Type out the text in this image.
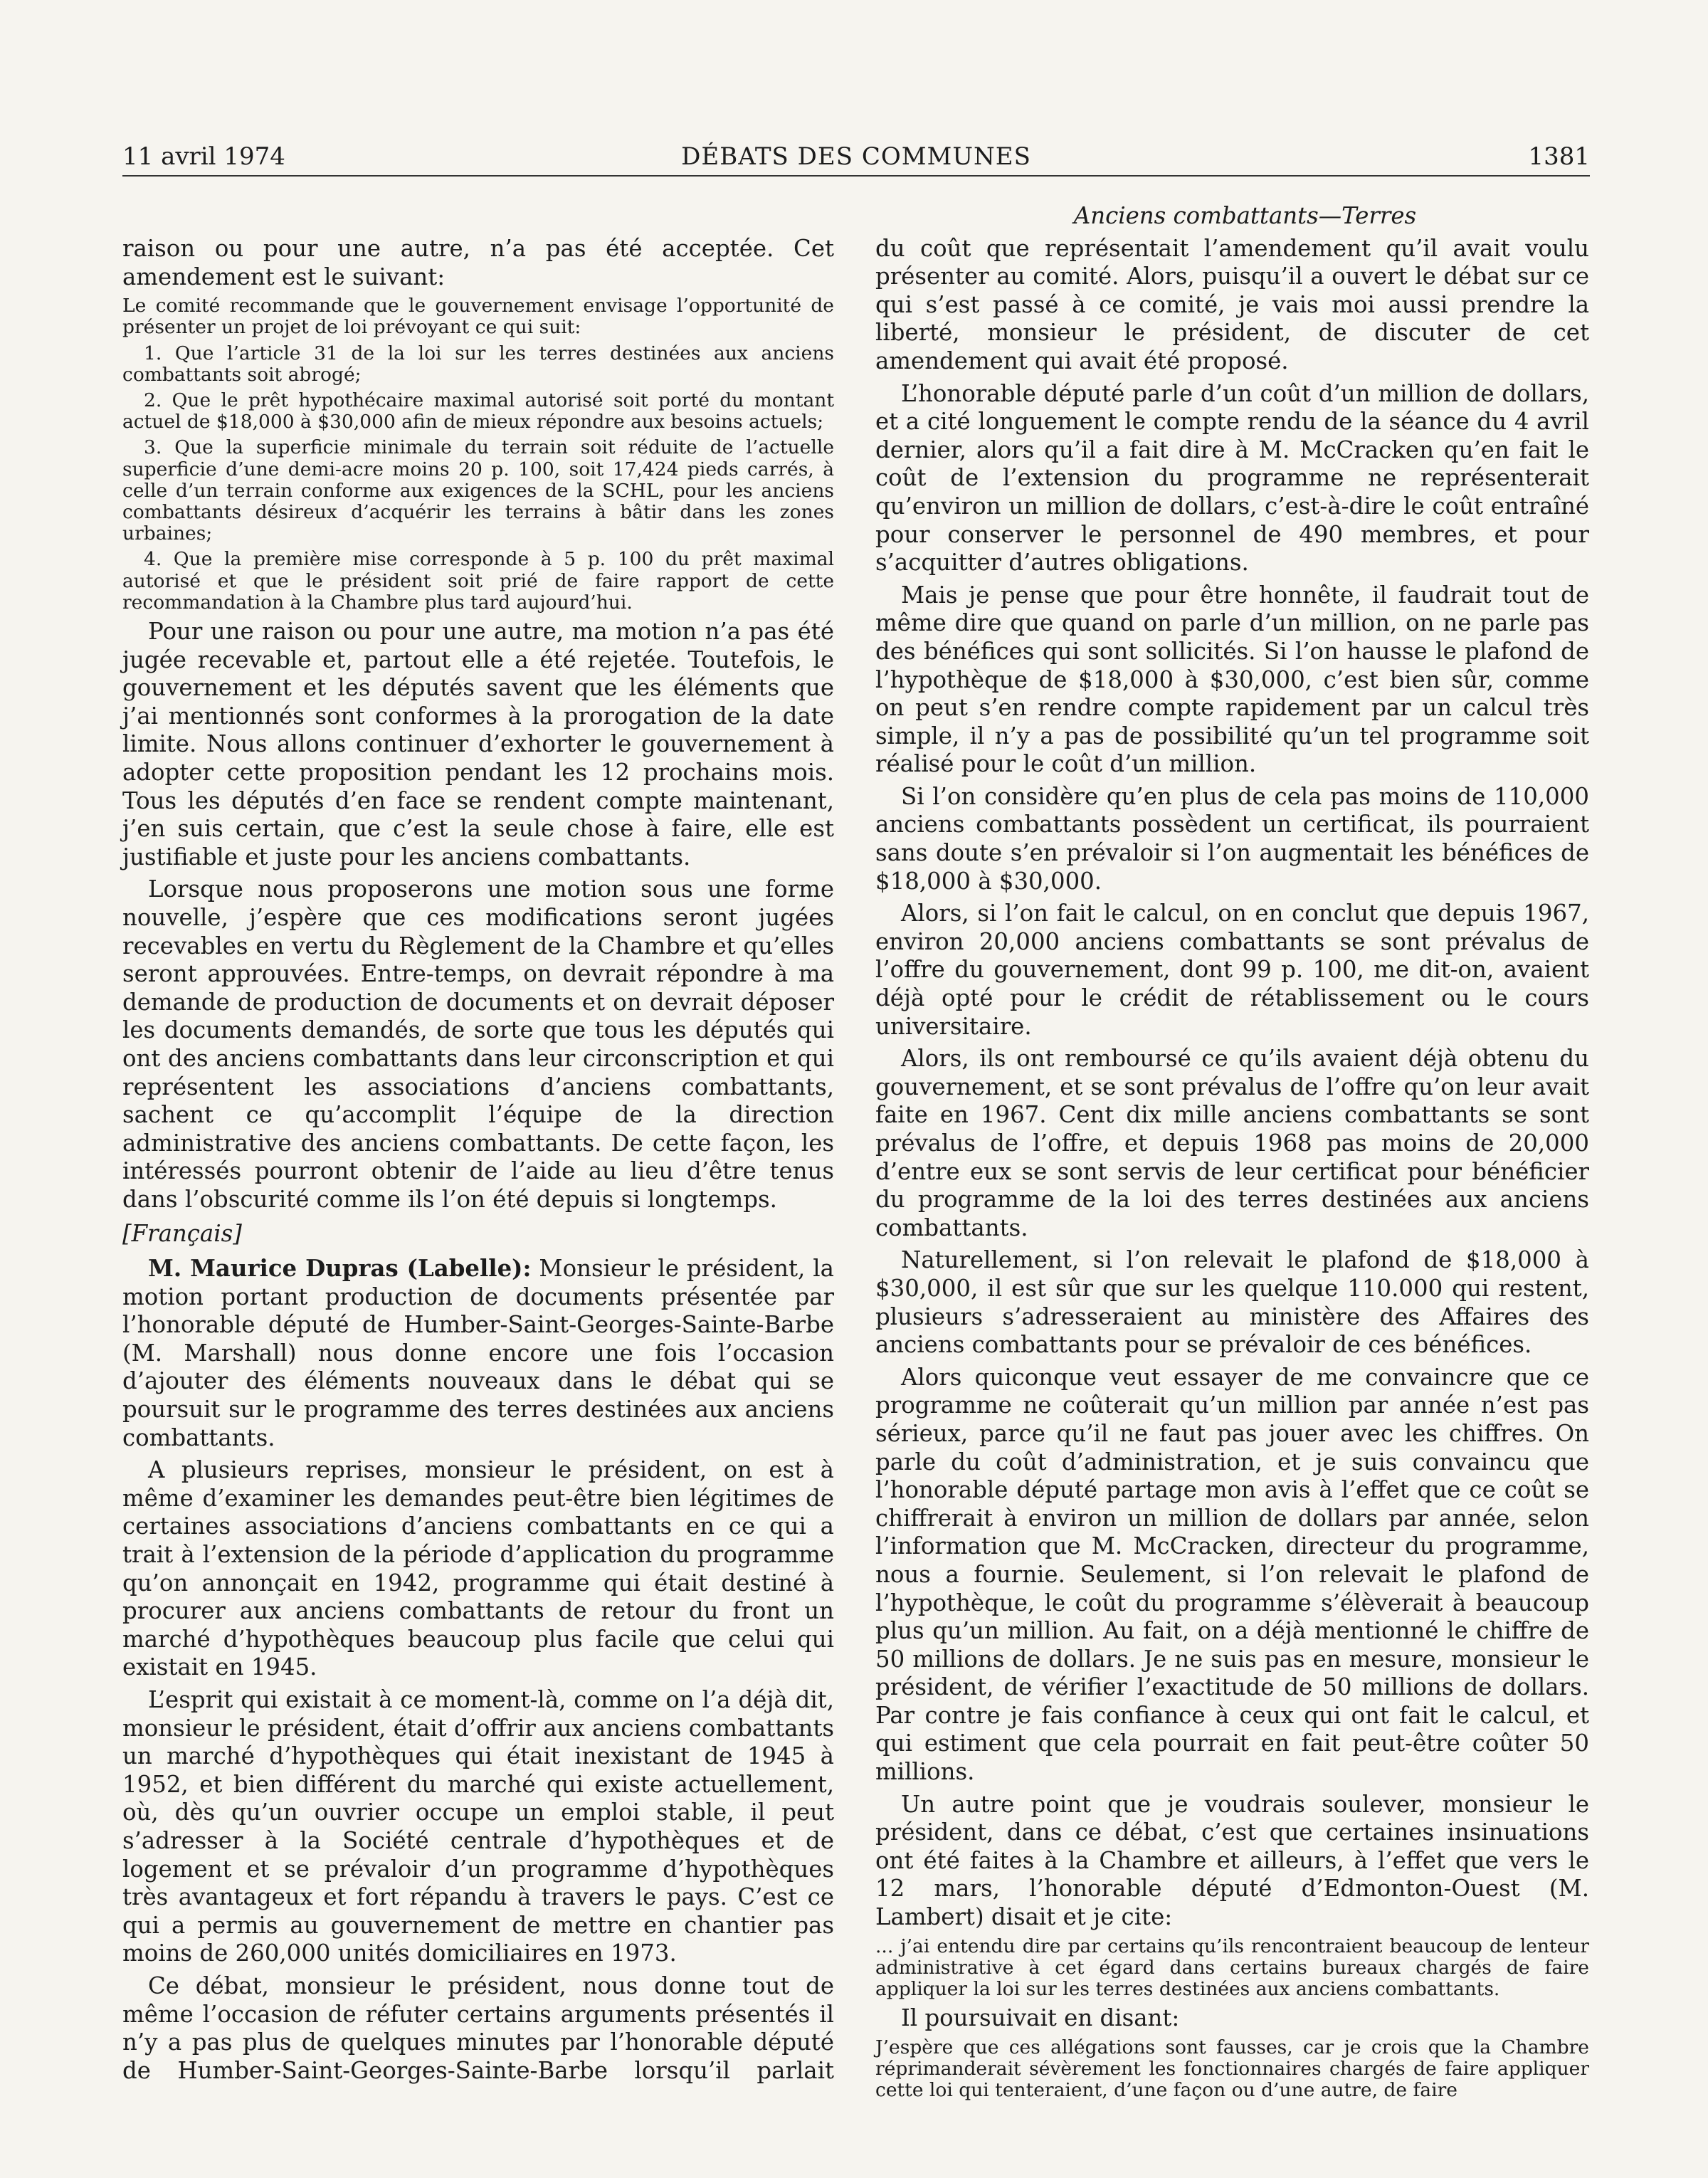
11 avril 1974	DÉBATS DES COMMUNES	1381

raison ou pour une autre, n’a pas été acceptée. Cet amendement est le suivant:

Le comité recommande que le gouvernement envisage l’opportunité de présenter un projet de loi prévoyant ce qui suit:
1. Que l’article 31 de la loi sur les terres destinées aux anciens combattants soit abrogé;
2. Que le prêt hypothécaire maximal autorisé soit porté du montant actuel de $18,000 à $30,000 afin de mieux répondre aux besoins actuels;
3. Que la superficie minimale du terrain soit réduite de l’actuelle superficie d’une demi-acre moins 20 p. 100, soit 17,424 pieds carrés, à celle d’un terrain conforme aux exigences de la SCHL, pour les anciens combattants désireux d’acquérir les terrains à bâtir dans les zones urbaines;
4. Que la première mise corresponde à 5 p. 100 du prêt maximal autorisé et que le président soit prié de faire rapport de cette recommandation à la Chambre plus tard aujourd’hui.

Pour une raison ou pour une autre, ma motion n’a pas été jugée recevable et, partout elle a été rejetée. Toutefois, le gouvernement et les députés savent que les éléments que j’ai mentionnés sont conformes à la prorogation de la date limite. Nous allons continuer d’exhorter le gouvernement à adopter cette proposition pendant les 12 prochains mois. Tous les députés d’en face se rendent compte maintenant, j’en suis certain, que c’est la seule chose à faire, elle est justifiable et juste pour les anciens combattants.

Lorsque nous proposerons une motion sous une forme nouvelle, j’espère que ces modifications seront jugées recevables en vertu du Règlement de la Chambre et qu’elles seront approuvées. Entre-temps, on devrait répondre à ma demande de production de documents et on devrait déposer les documents demandés, de sorte que tous les députés qui ont des anciens combattants dans leur circonscription et qui représentent les associations d’anciens combattants, sachent ce qu’accomplit l’équipe de la direction administrative des anciens combattants. De cette façon, les intéressés pourront obtenir de l’aide au lieu d’être tenus dans l’obscurité comme ils l’on été depuis si longtemps.

[Français]

M. Maurice Dupras (Labelle): Monsieur le président, la motion portant production de documents présentée par l’honorable député de Humber-Saint-Georges-Sainte-Barbe (M. Marshall) nous donne encore une fois l’occasion d’ajouter des éléments nouveaux dans le débat qui se poursuit sur le programme des terres destinées aux anciens combattants.

A plusieurs reprises, monsieur le président, on est à même d’examiner les demandes peut-être bien légitimes de certaines associations d’anciens combattants en ce qui a trait à l’extension de la période d’application du programme qu’on annonçait en 1942, programme qui était destiné à procurer aux anciens combattants de retour du front un marché d’hypothèques beaucoup plus facile que celui qui existait en 1945.

L’esprit qui existait à ce moment-là, comme on l’a déjà dit, monsieur le président, était d’offrir aux anciens combattants un marché d’hypothèques qui était inexistant de 1945 à 1952, et bien différent du marché qui existe actuellement, où, dès qu’un ouvrier occupe un emploi stable, il peut s’adresser à la Société centrale d’hypothèques et de logement et se prévaloir d’un programme d’hypothèques très avantageux et fort répandu à travers le pays. C’est ce qui a permis au gouvernement de mettre en chantier pas moins de 260,000 unités domiciliaires en 1973.

Ce débat, monsieur le président, nous donne tout de même l’occasion de réfuter certains arguments présentés il n’y a pas plus de quelques minutes par l’honorable député de Humber-Saint-Georges-Sainte-Barbe lorsqu’il parlait

Anciens combattants—Terres

du coût que représentait l’amendement qu’il avait voulu présenter au comité. Alors, puisqu’il a ouvert le débat sur ce qui s’est passé à ce comité, je vais moi aussi prendre la liberté, monsieur le président, de discuter de cet amendement qui avait été proposé.

L’honorable député parle d’un coût d’un million de dollars, et a cité longuement le compte rendu de la séance du 4 avril dernier, alors qu’il a fait dire à M. McCracken qu’en fait le coût de l’extension du programme ne représenterait qu’environ un million de dollars, c’est-à-dire le coût entraîné pour conserver le personnel de 490 membres, et pour s’acquitter d’autres obligations.

Mais je pense que pour être honnête, il faudrait tout de même dire que quand on parle d’un million, on ne parle pas des bénéfices qui sont sollicités. Si l’on hausse le plafond de l’hypothèque de $18,000 à $30,000, c’est bien sûr, comme on peut s’en rendre compte rapidement par un calcul très simple, il n’y a pas de possibilité qu’un tel programme soit réalisé pour le coût d’un million.

Si l’on considère qu’en plus de cela pas moins de 110,000 anciens combattants possèdent un certificat, ils pourraient sans doute s’en prévaloir si l’on augmentait les bénéfices de $18,000 à $30,000.

Alors, si l’on fait le calcul, on en conclut que depuis 1967, environ 20,000 anciens combattants se sont prévalus de l’offre du gouvernement, dont 99 p. 100, me dit-on, avaient déjà opté pour le crédit de rétablissement ou le cours universitaire.

Alors, ils ont remboursé ce qu’ils avaient déjà obtenu du gouvernement, et se sont prévalus de l’offre qu’on leur avait faite en 1967. Cent dix mille anciens combattants se sont prévalus de l’offre, et depuis 1968 pas moins de 20,000 d’entre eux se sont servis de leur certificat pour bénéficier du programme de la loi des terres destinées aux anciens combattants.

Naturellement, si l’on relevait le plafond de $18,000 à $30,000, il est sûr que sur les quelque 110.000 qui restent, plusieurs s’adresseraient au ministère des Affaires des anciens combattants pour se prévaloir de ces bénéfices.

Alors quiconque veut essayer de me convaincre que ce programme ne coûterait qu’un million par année n’est pas sérieux, parce qu’il ne faut pas jouer avec les chiffres. On parle du coût d’administration, et je suis convaincu que l’honorable député partage mon avis à l’effet que ce coût se chiffrerait à environ un million de dollars par année, selon l’information que M. McCracken, directeur du programme, nous a fournie. Seulement, si l’on relevait le plafond de l’hypothèque, le coût du programme s’élèverait à beaucoup plus qu’un million. Au fait, on a déjà mentionné le chiffre de 50 millions de dollars. Je ne suis pas en mesure, monsieur le président, de vérifier l’exactitude de 50 millions de dollars. Par contre je fais confiance à ceux qui ont fait le calcul, et qui estiment que cela pourrait en fait peut-être coûter 50 millions.

Un autre point que je voudrais soulever, monsieur le président, dans ce débat, c’est que certaines insinuations ont été faites à la Chambre et ailleurs, à l’effet que vers le 12 mars, l’honorable député d’Edmonton-Ouest (M. Lambert) disait et je cite:

... j’ai entendu dire par certains qu’ils rencontraient beaucoup de lenteur administrative à cet égard dans certains bureaux chargés de faire appliquer la loi sur les terres destinées aux anciens combattants.

Il poursuivait en disant:

J’espère que ces allégations sont fausses, car je crois que la Chambre réprimanderait sévèrement les fonctionnaires chargés de faire appliquer cette loi qui tenteraient, d’une façon ou d’une autre, de faire
